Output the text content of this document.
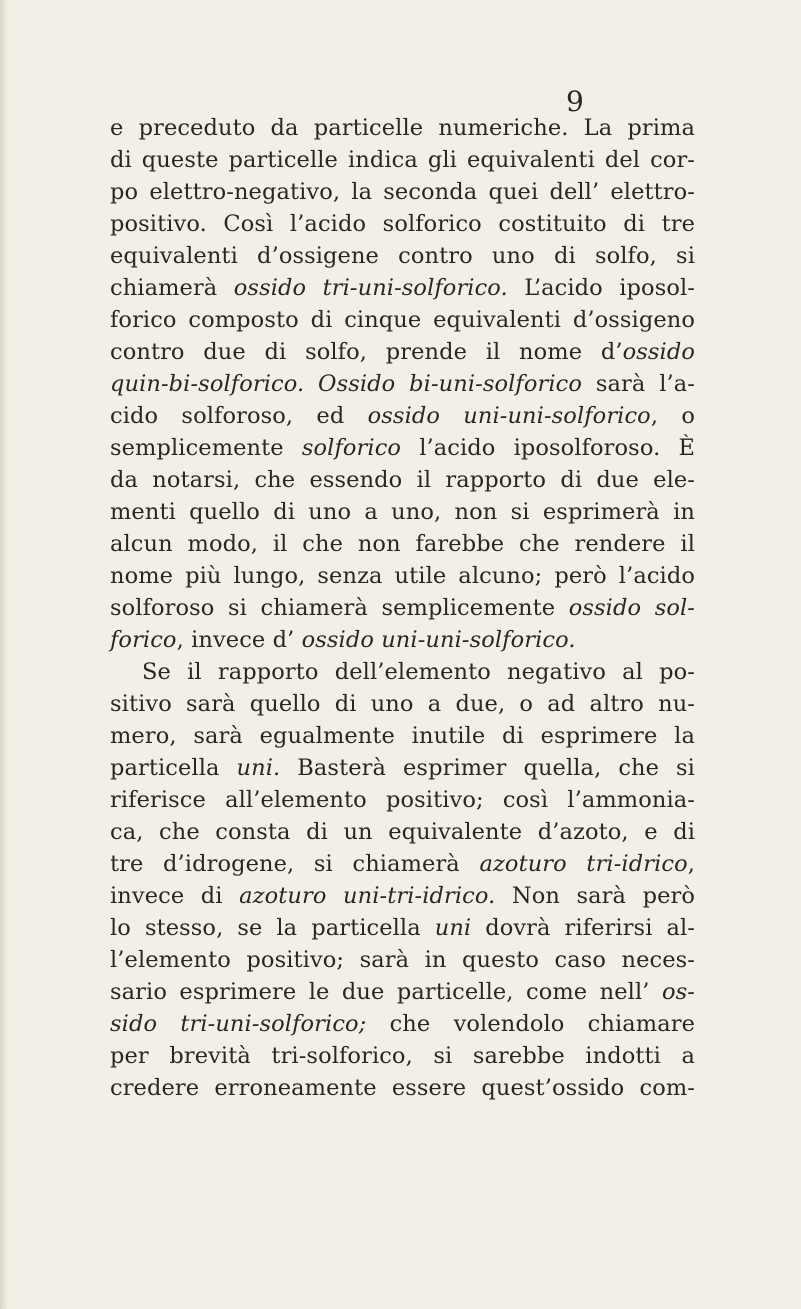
9
e preceduto da particelle numeriche. La prima
di queste particelle indica gli equivalenti del cor-
po elettro-negativo, la seconda quei dell’ elettro-
positivo. Così l’acido solforico costituito di tre
equivalenti d’ossigene contro uno di solfo, si
chiamerà ossido tri-uni-solforico. L’acido iposol-
forico composto di cinque equivalenti d’ossigeno
contro due di solfo, prende il nome d’ossido
quin-bi-solforico. Ossido bi-uni-solforico sarà l’a-
cido solforoso, ed ossido uni-uni-solforico, o
semplicemente solforico l’acido iposolforoso. È
da notarsi, che essendo il rapporto di due ele-
menti quello di uno a uno, non si esprimerà in
alcun modo, il che non farebbe che rendere il
nome più lungo, senza utile alcuno; però l’acido
solforoso si chiamerà semplicemente ossido sol-
forico, invece d’ ossido uni-uni-solforico.
Se il rapporto dell’elemento negativo al po-
sitivo sarà quello di uno a due, o ad altro nu-
mero, sarà egualmente inutile di esprimere la
particella uni. Basterà esprimer quella, che si
riferisce all’elemento positivo; così l’ammonia-
ca, che consta di un equivalente d’azoto, e di
tre d’idrogene, si chiamerà azoturo tri-idrico,
invece di azoturo uni-tri-idrico. Non sarà però
lo stesso, se la particella uni dovrà riferirsi al-
l’elemento positivo; sarà in questo caso neces-
sario esprimere le due particelle, come nell’ os-
sido tri-uni-solforico; che volendolo chiamare
per brevità tri-solforico, si sarebbe indotti a
credere erroneamente essere quest’ossido com-
